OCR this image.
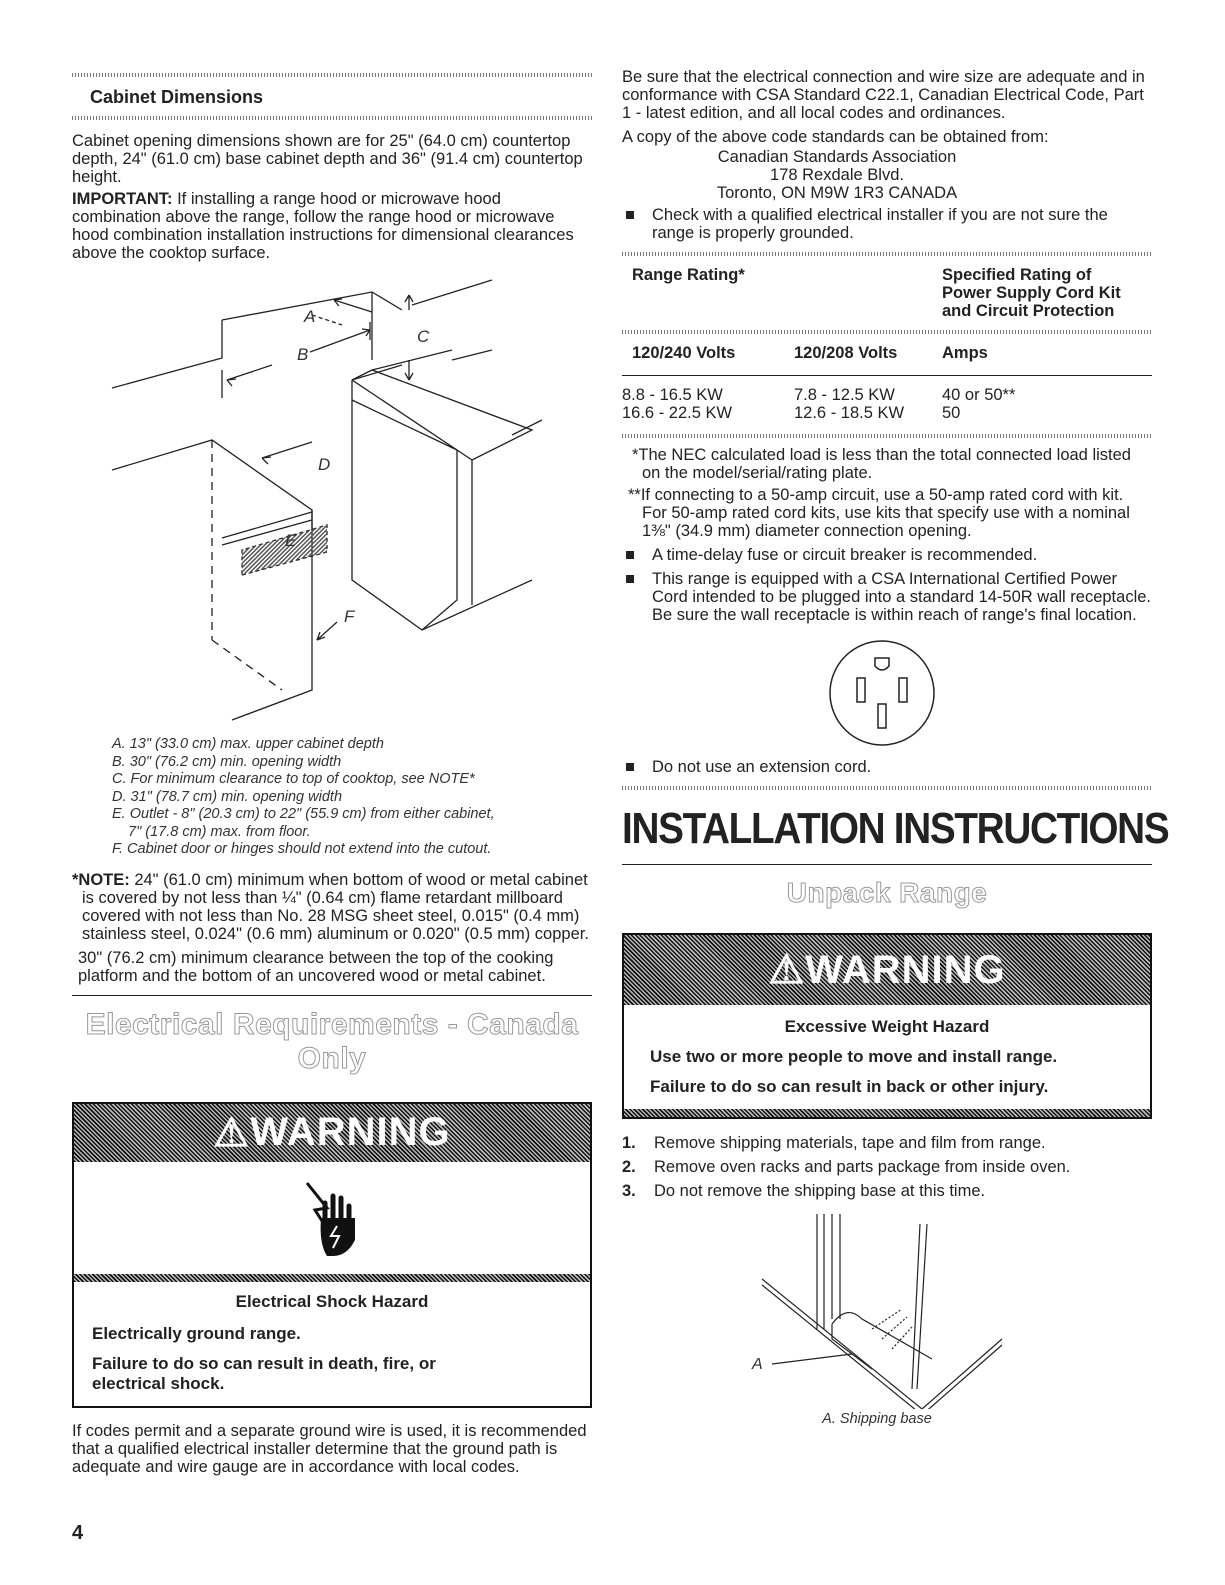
Cabinet Dimensions

Cabinet opening dimensions shown are for 25" (64.0 cm) countertop depth, 24" (61.0 cm) base cabinet depth and 36" (91.4 cm) countertop height.

IMPORTANT: If installing a range hood or microwave hood combination above the range, follow the range hood or microwave hood combination installation instructions for dimensional clearances above the cooktop surface.

A
B
C
D
E
F
A. 13" (33.0 cm) max. upper cabinet depth
B. 30" (76.2 cm) min. opening width
C. For minimum clearance to top of cooktop, see NOTE*
D. 31" (78.7 cm) min. opening width
E. Outlet - 8" (20.3 cm) to 22" (55.9 cm) from either cabinet,
7" (17.8 cm) max. from floor.
F. Cabinet door or hinges should not extend into the cutout.

*NOTE: 24" (61.0 cm) minimum when bottom of wood or metal cabinet is covered by not less than ¼" (0.64 cm) flame retardant millboard covered with not less than No. 28 MSG sheet steel, 0.015" (0.4 mm) stainless steel, 0.024" (0.6 mm) aluminum or 0.020" (0.5 mm) copper.

30" (76.2 cm) minimum clearance between the top of the cooking platform and the bottom of an uncovered wood or metal cabinet.

Electrical Requirements - Canada Only
⚠ WARNING
Electrical Shock Hazard
Electrically ground range.
Failure to do so can result in death, fire, or electrical shock.

If codes permit and a separate ground wire is used, it is recommended that a qualified electrical installer determine that the ground path is adequate and wire gauge are in accordance with local codes.

Be sure that the electrical connection and wire size are adequate and in conformance with CSA Standard C22.1, Canadian Electrical Code, Part 1 - latest edition, and all local codes and ordinances.

A copy of the above code standards can be obtained from:

Canadian Standards Association
178 Rexdale Blvd.
Toronto, ON M9W 1R3 CANADA
Check with a qualified electrical installer if you are not sure the range is properly grounded.
Range Rating*	Specified Rating of Power Supply Cord Kit and Circuit Protection
120/240 Volts	120/208 Volts	Amps
8.8 - 16.5 KW	7.8 - 12.5 KW	40 or 50**
16.6 - 22.5 KW	12.6 - 18.5 KW	50

*The NEC calculated load is less than the total connected load listed on the model/serial/rating plate.

**If connecting to a 50-amp circuit, use a 50-amp rated cord with kit. For 50-amp rated cord kits, use kits that specify use with a nominal 1⅜" (34.9 mm) diameter connection opening.

A time-delay fuse or circuit breaker is recommended.
This range is equipped with a CSA International Certified Power Cord intended to be plugged into a standard 14-50R wall receptacle. Be sure the wall receptacle is within reach of range's final location.
Do not use an extension cord.
INSTALLATION INSTRUCTIONS
Unpack Range
⚠ WARNING
Excessive Weight Hazard
Use two or more people to move and install range.
Failure to do so can result in back or other injury.
1.	Remove shipping materials, tape and film from range.
2.	Remove oven racks and parts package from inside oven.
3.	Do not remove the shipping base at this time.
A
A. Shipping base
4
